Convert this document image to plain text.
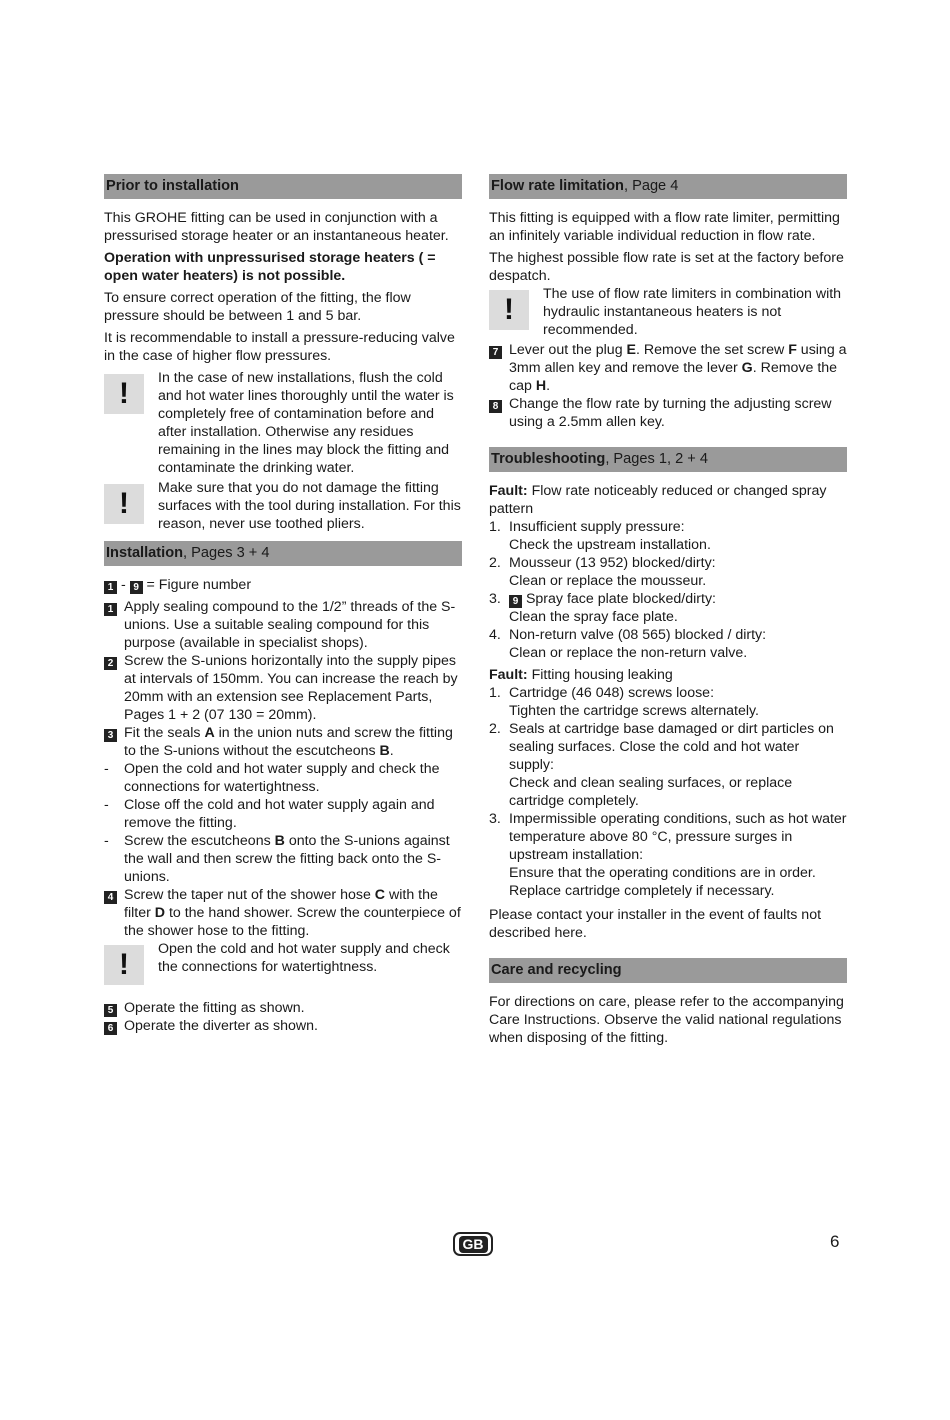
Prior to installation

This GROHE fitting can be used in conjunction with a pressurised storage heater or an instantaneous heater.

Operation with unpressurised storage heaters ( = open water heaters) is not possible.

To ensure correct operation of the fitting, the flow pressure should be between 1 and 5 bar.

It is recommendable to install a pressure-reducing valve in the case of higher flow pressures.

!	In the case of new installations, flush the cold and hot water lines thoroughly until the water is completely free of contamination before and after installation. Otherwise any residues remaining in the lines may block the fitting and contaminate the drinking water.
!	Make sure that you do not damage the fitting surfaces with the tool during installation. For this reason, never use toothed pliers.
Installation, Pages 3 + 4

1 - 9 = Figure number

1 Apply sealing compound to the 1/2” threads of the S-unions. Use a suitable sealing compound for this purpose (available in specialist shops).
2 Screw the S-unions horizontally into the supply pipes at intervals of 150mm. You can increase the reach by 20mm with an extension see Replacement Parts, Pages 1 + 2 (07 130 = 20mm).
3 Fit the seals A in the union nuts and screw the fitting to the S-unions without the escutcheons B.
-	Open the cold and hot water supply and check the connections for watertightness.
-	Close off the cold and hot water supply again and remove the fitting.
-	Screw the escutcheons B onto the S-unions against the wall and then screw the fitting back onto the S-unions.
4 Screw the taper nut of the shower hose C with the filter D to the hand shower. Screw the counterpiece of the shower hose to the fitting.
!	Open the cold and hot water supply and check the connections for watertightness.
5 Operate the fitting as shown.
6 Operate the diverter as shown.
Flow rate limitation, Page 4

This fitting is equipped with a flow rate limiter, permitting an infinitely variable individual reduction in flow rate.

The highest possible flow rate is set at the factory before despatch.

!	The use of flow rate limiters in combination with hydraulic instantaneous heaters is not recommended.
7 Lever out the plug E. Remove the set screw F using a 3mm allen key and remove the lever G. Remove the cap H.
8 Change the flow rate by turning the adjusting screw using a 2.5mm allen key.
Troubleshooting, Pages 1, 2 + 4

Fault: Flow rate noticeably reduced or changed spray pattern

1. Insufficient supply pressure:
Check the upstream installation.
2. Mousseur (13 952) blocked/dirty:
Clean or replace the mousseur.
3.	9 Spray face plate blocked/dirty:
Clean the spray face plate.
4. Non-return valve (08 565) blocked / dirty:
Clean or replace the non-return valve.

Fault: Fitting housing leaking

1. Cartridge (46 048) screws loose:
Tighten the cartridge screws alternately.
2. Seals at cartridge base damaged or dirt particles on sealing surfaces. Close the cold and hot water supply:
Check and clean sealing surfaces, or replace cartridge completely.
3. Impermissible operating conditions, such as hot water temperature above 80 °C, pressure surges in upstream installation:
Ensure that the operating conditions are in order. Replace cartridge completely if necessary.

Please contact your installer in the event of faults not described here.

Care and recycling

For directions on care, please refer to the accompanying Care Instructions. Observe the valid national regulations when disposing of the fitting.

GB	6
